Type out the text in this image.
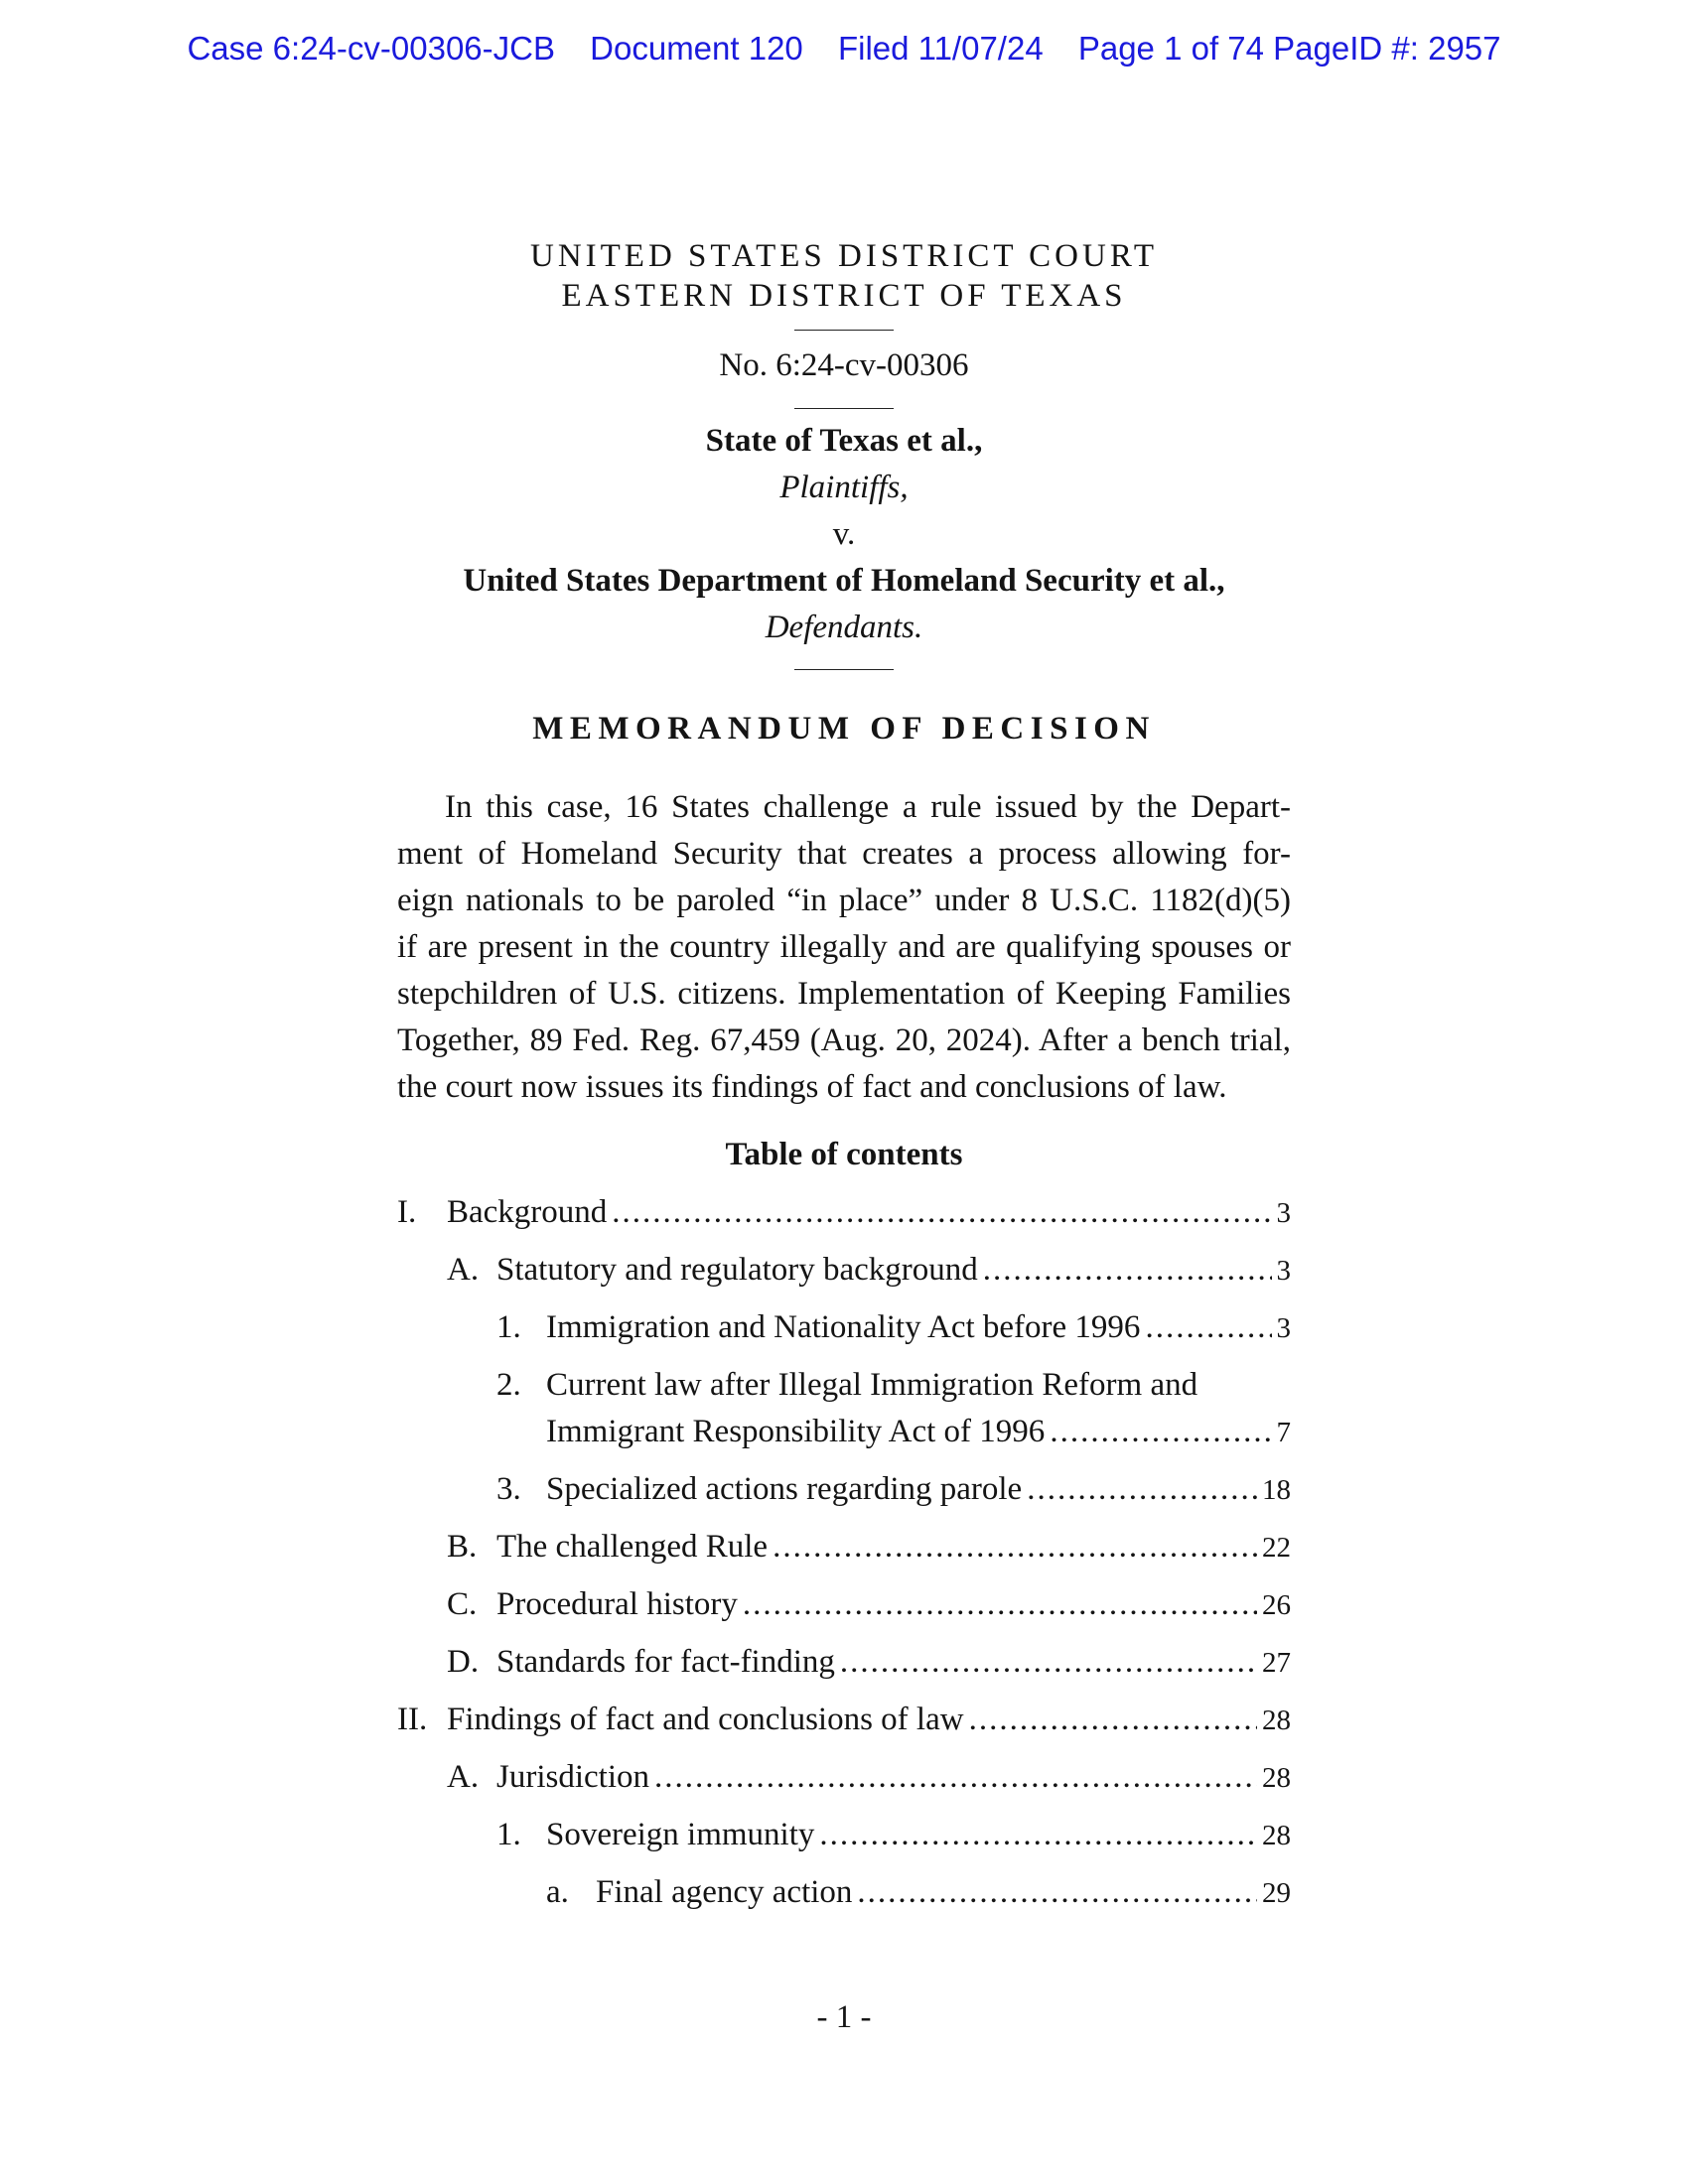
Case 6:24-cv-00306-JCB Document 120 Filed 11/07/24 Page 1 of 74 PageID #: 2957
UNITED STATES DISTRICT COURT
EASTERN DISTRICT OF TEXAS
No. 6:24-cv-00306
State of Texas et al.,
Plaintiffs,
v.
United States Department of Homeland Security et al.,
Defendants.
MEMORANDUM OF DECISION
In this case, 16 States challenge a rule issued by the Depart-
ment of Homeland Security that creates a process allowing for-
eign nationals to be paroled “in place” under 8 U.S.C. 1182(d)(5)
if are present in the country illegally and are qualifying spouses or
stepchildren of U.S. citizens. Implementation of Keeping Families
Together, 89 Fed. Reg. 67,459 (Aug. 20, 2024). After a bench trial,
the court now issues its findings of fact and conclusions of law.
Table of contents
I. Background .....	3
A. Statutory and regulatory background .....	3
1. Immigration and Nationality Act before 1996 .....	3
2. Current law after Illegal Immigration Reform and
Immigrant Responsibility Act of 1996 .....	7
3. Specialized actions regarding parole .....	18
B. The challenged Rule .....	22
C. Procedural history .....	26
D. Standards for fact-finding .....	27
II. Findings of fact and conclusions of law .....	28
A. Jurisdiction .....	28
1. Sovereign immunity .....	28
a. Final agency action .....	29
- 1 -
